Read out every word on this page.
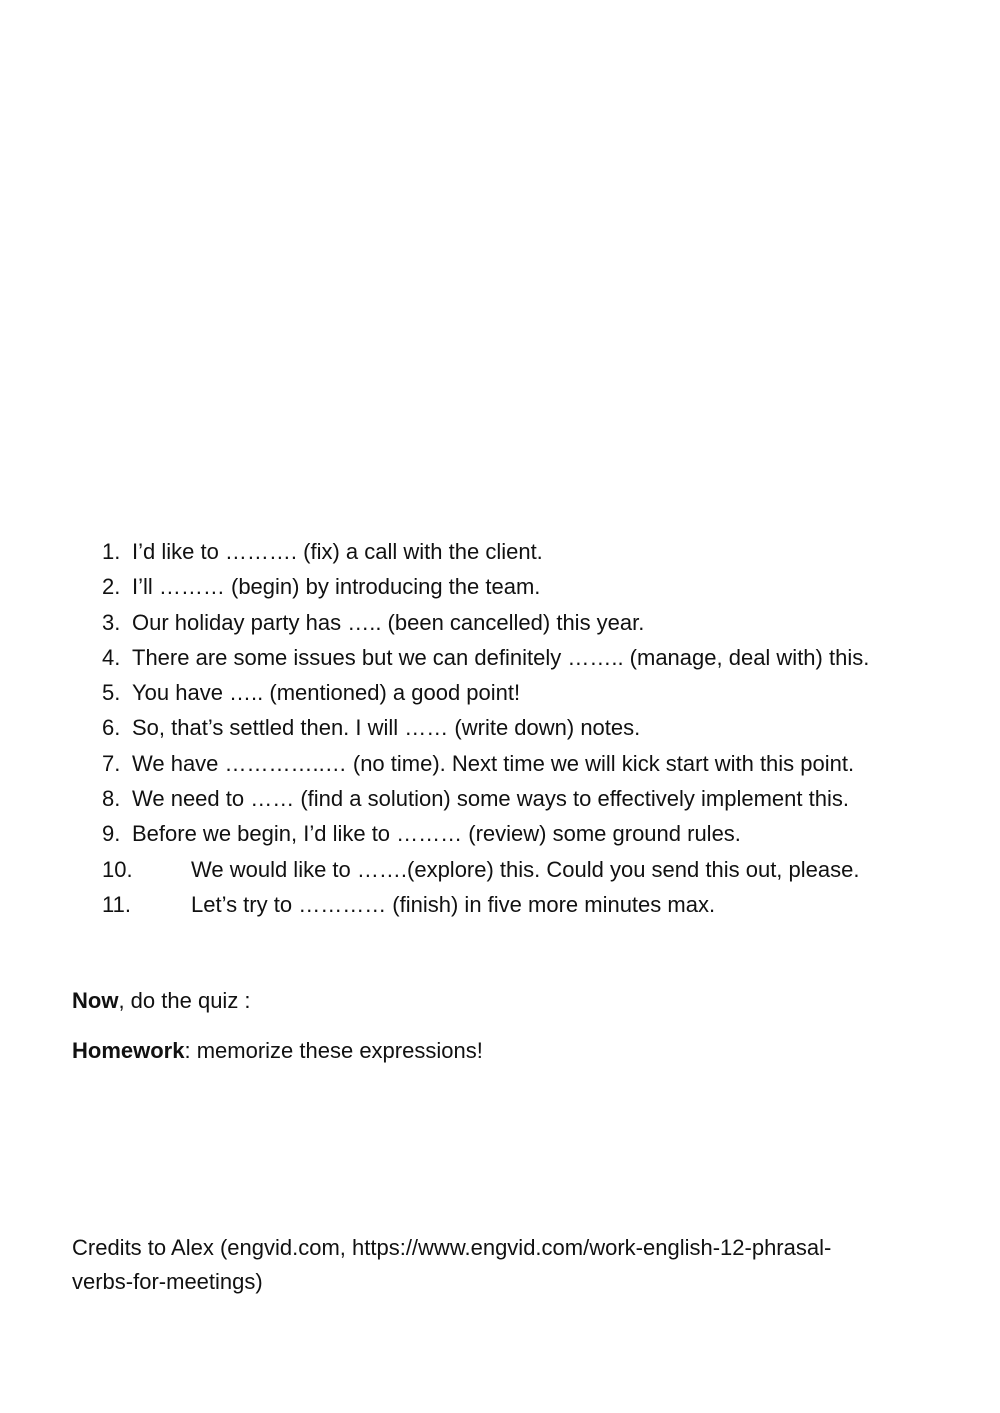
1. I’d like to ………. (fix) a call with the client.
2. I’ll ……… (begin) by introducing the team.
3. Our holiday party has ….. (been cancelled) this year.
4. There are some issues but we can definitely …….. (manage, deal with) this.
5. You have ….. (mentioned) a good point!
6. So, that’s settled then. I will …… (write down) notes.
7. We have …………..… (no time). Next time we will kick start with this point.
8. We need to …… (find a solution) some ways to effectively implement this.
9. Before we begin, I’d like to ……… (review) some ground rules.
10.	We would like to …….(explore) this. Could you send this out, please.
11.	Let’s try to ………… (finish) in five more minutes max.
Now, do the quiz :
Homework: memorize these expressions!
Credits to Alex (engvid.com, https://www.engvid.com/work-english-12-phrasal-
verbs-for-meetings)
